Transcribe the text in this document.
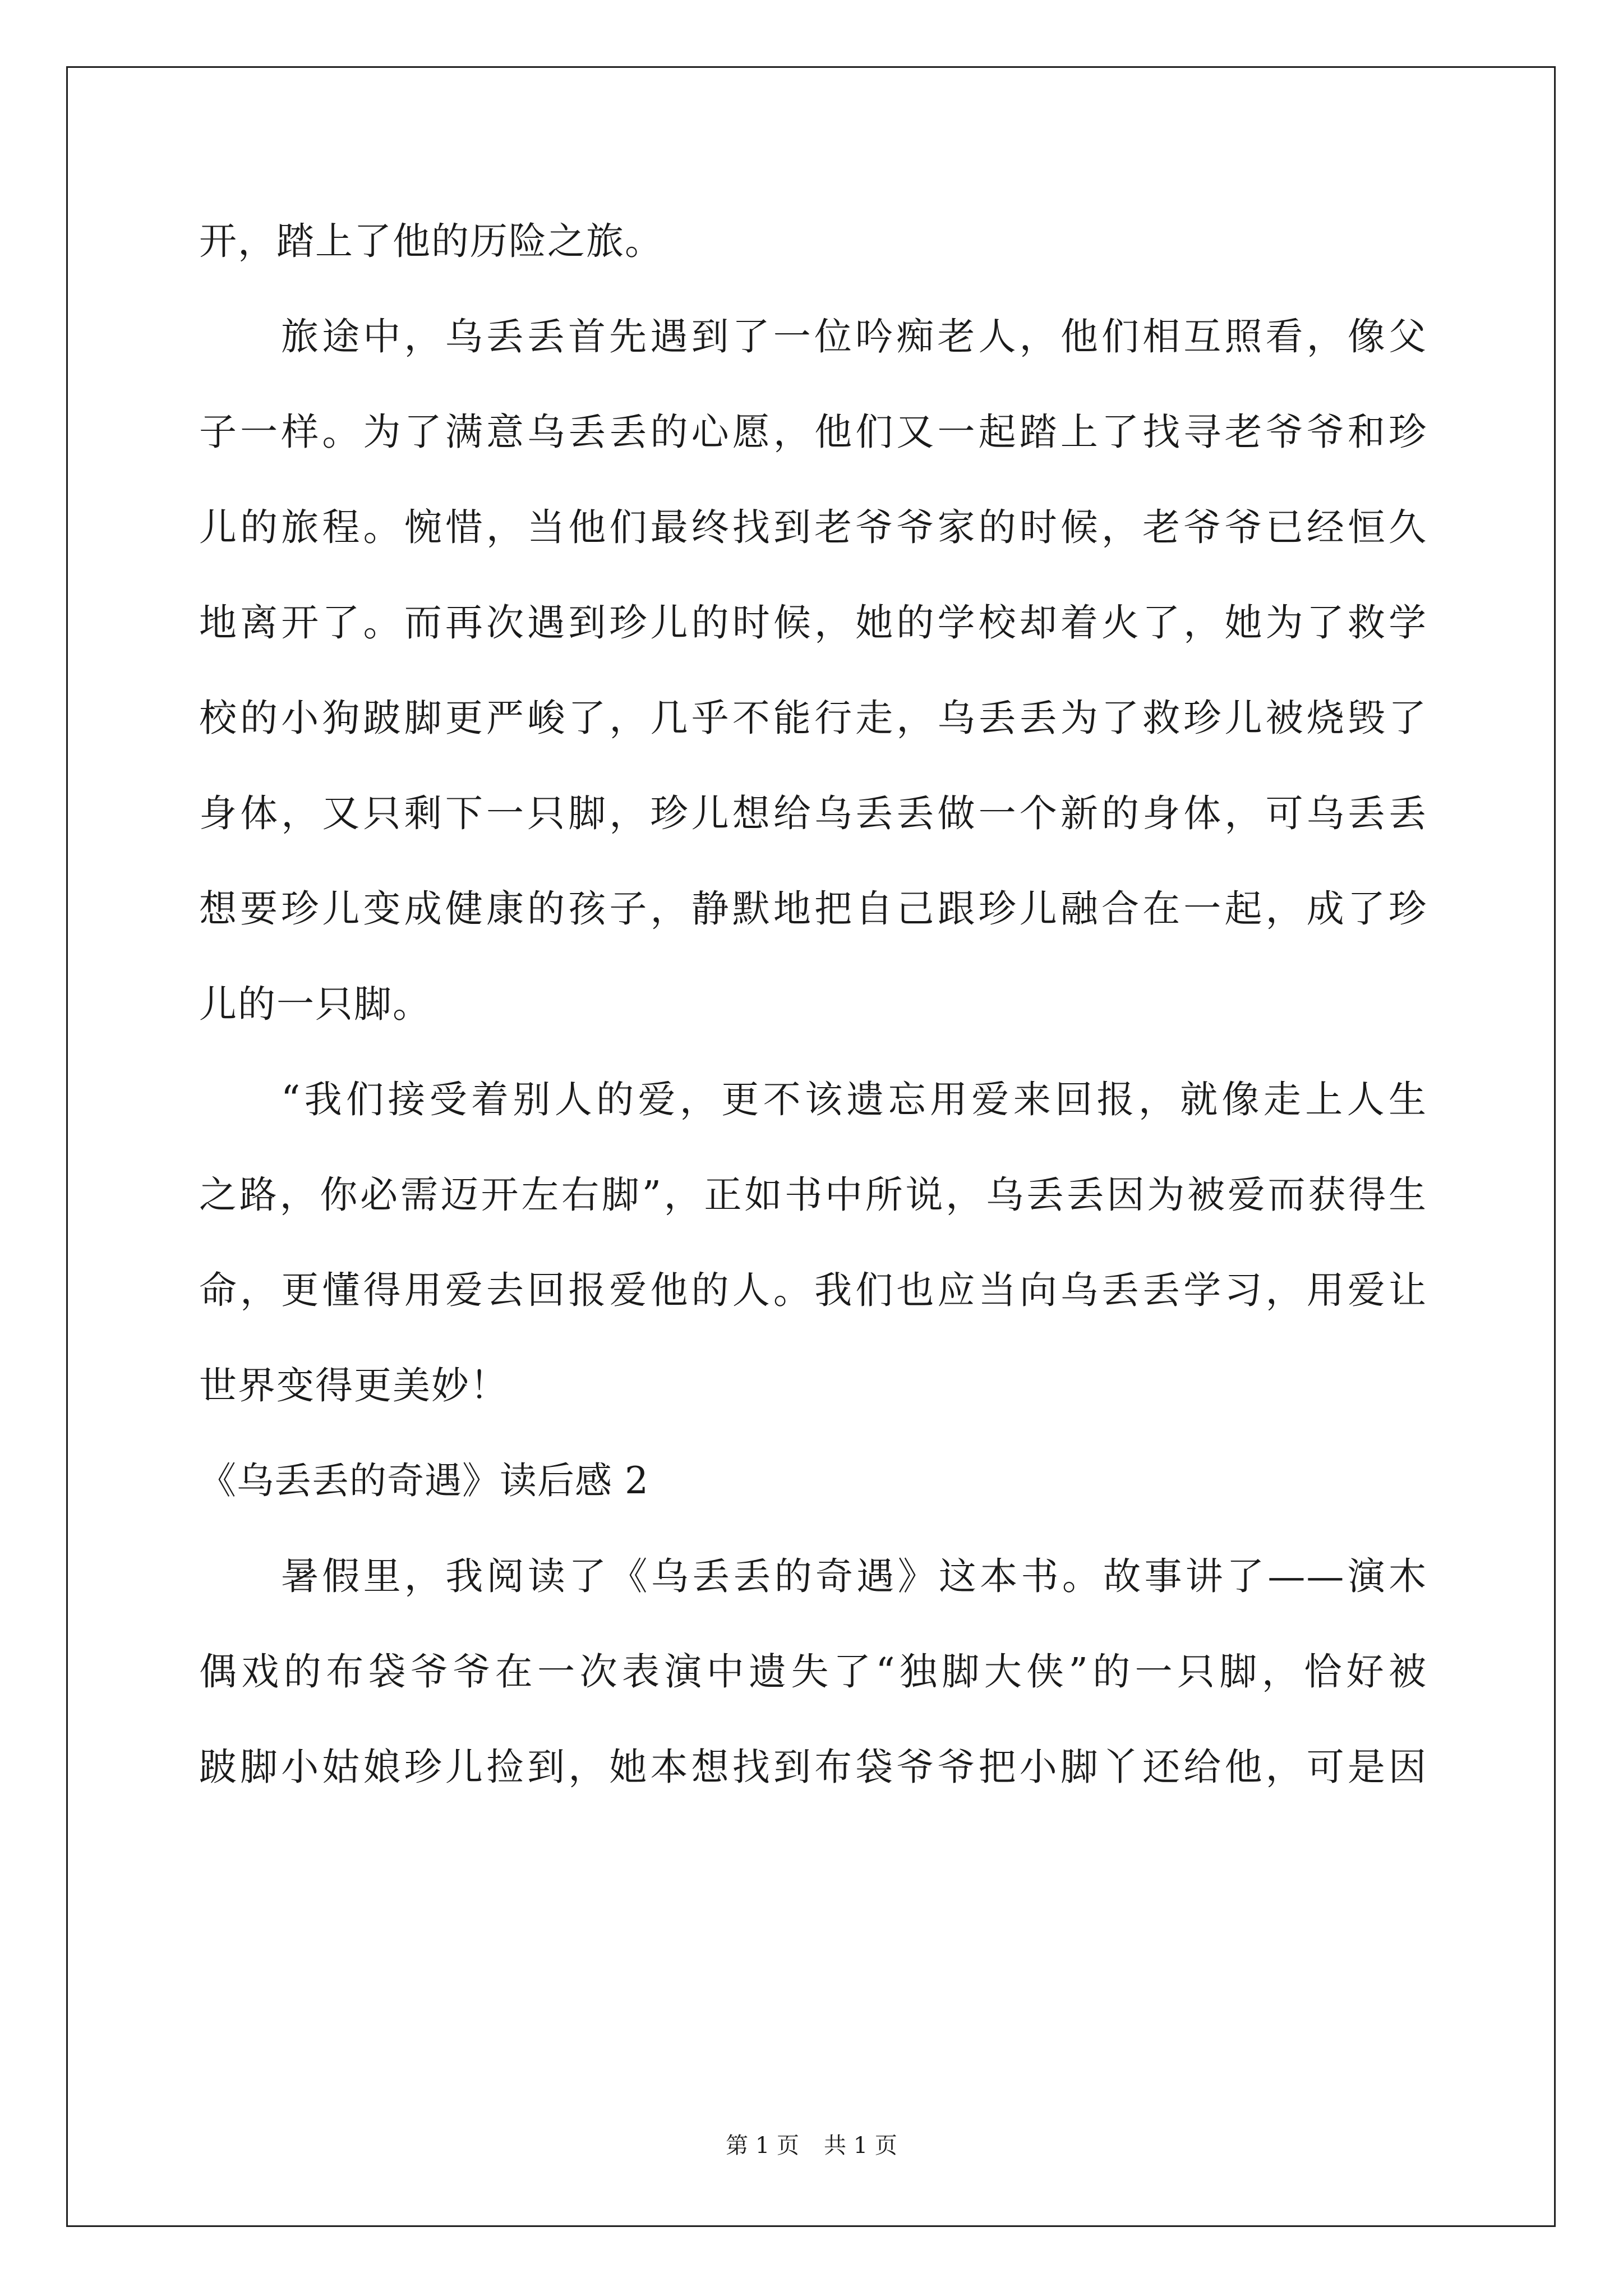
开，踏上了他的历险之旅。
旅途中，乌丢丢首先遇到了一位吟痴老人，他们相互照看，像父
子一样。为了满意乌丢丢的心愿，他们又一起踏上了找寻老爷爷和珍
儿的旅程。惋惜，当他们最终找到老爷爷家的时候，老爷爷已经恒久
地离开了。而再次遇到珍儿的时候，她的学校却着火了，她为了救学
校的小狗跛脚更严峻了，几乎不能行走，乌丢丢为了救珍儿被烧毁了
身体，又只剩下一只脚，珍儿想给乌丢丢做一个新的身体，可乌丢丢
想要珍儿变成健康的孩子，静默地把自己跟珍儿融合在一起，成了珍
儿的一只脚。
“我们接受着别人的爱，更不该遗忘用爱来回报，就像走上人生
之路，你必需迈开左右脚”，正如书中所说，乌丢丢因为被爱而获得生
命，更懂得用爱去回报爱他的人。我们也应当向乌丢丢学习，用爱让
世界变得更美妙！
《乌丢丢的奇遇》读后感 2
暑假里，我阅读了《乌丢丢的奇遇》这本书。故事讲了——演木
偶戏的布袋爷爷在一次表演中遗失了“独脚大侠”的一只脚，恰好被
跛脚小姑娘珍儿捡到，她本想找到布袋爷爷把小脚丫还给他，可是因
第 1 页 共 1 页
